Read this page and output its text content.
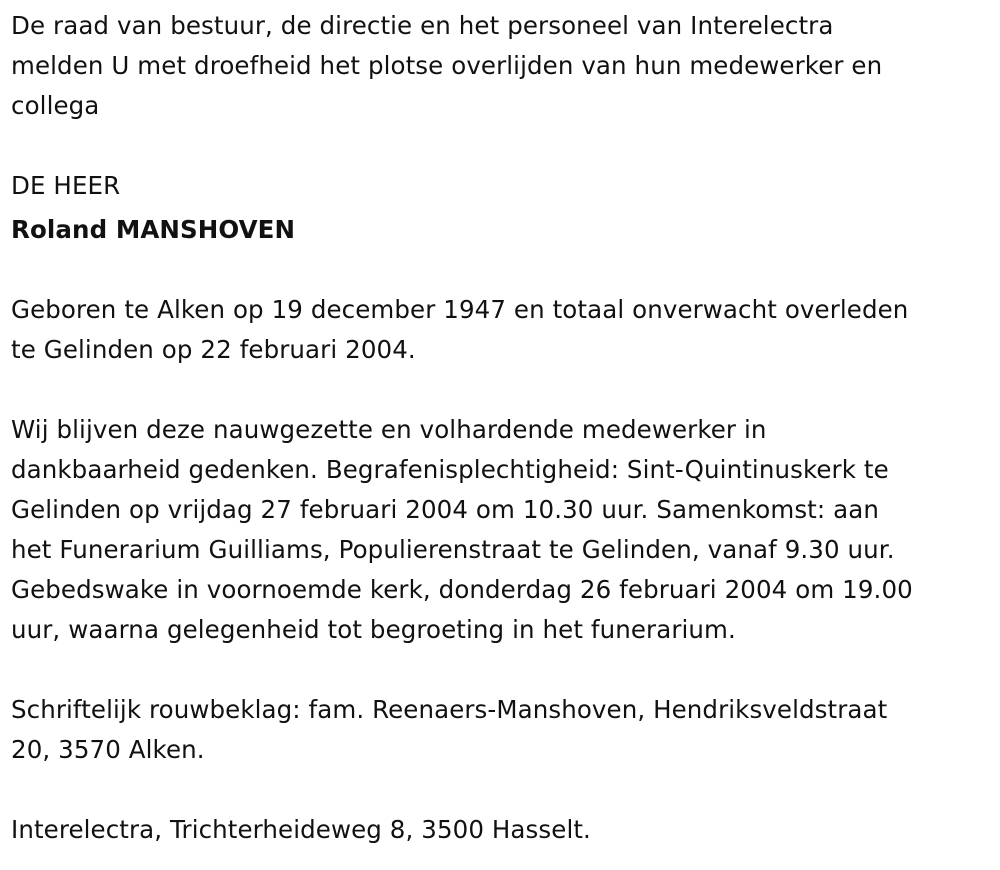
De raad van bestuur, de directie en het personeel van Interelectra
melden U met droefheid het plotse overlijden van hun medewerker en
collega

DE HEER

Roland MANSHOVEN

Geboren te Alken op 19 december 1947 en totaal onverwacht overleden
te Gelinden op 22 februari 2004.

Wij blijven deze nauwgezette en volhardende medewerker in
dankbaarheid gedenken. Begrafenisplechtigheid: Sint-Quintinuskerk te
Gelinden op vrijdag 27 februari 2004 om 10.30 uur. Samenkomst: aan
het Funerarium Guilliams, Populierenstraat te Gelinden, vanaf 9.30 uur.
Gebedswake in voornoemde kerk, donderdag 26 februari 2004 om 19.00
uur, waarna gelegenheid tot begroeting in het funerarium.

Schriftelijk rouwbeklag: fam. Reenaers-Manshoven, Hendriksveldstraat
20, 3570 Alken.

Interelectra, Trichterheideweg 8, 3500 Hasselt.
